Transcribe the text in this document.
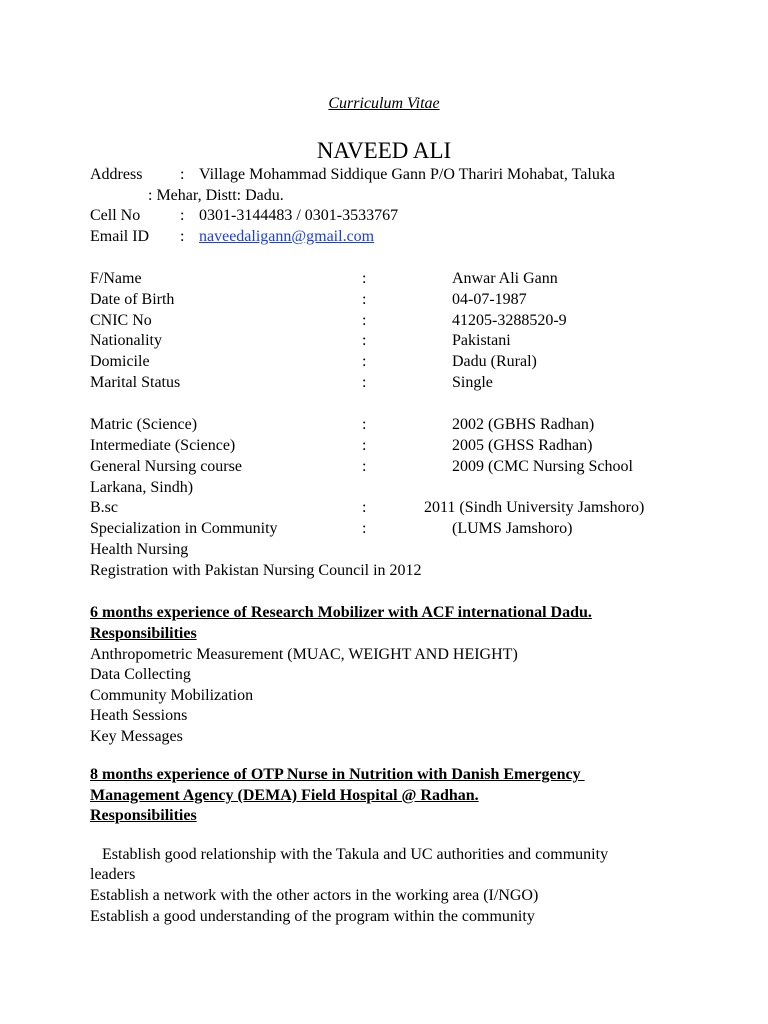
Curriculum Vitae
NAVEED ALI
Address : Village Mohammad Siddique Gann P/O Thariri Mohabat, Taluka
: Mehar, Distt: Dadu.
Cell No : 0301-3144483 / 0301-3533767
Email ID : naveedaligann@gmail.com
F/Name	:	Anwar Ali Gann
Date of Birth	:	04-07-1987
CNIC No	:	41205-3288520-9
Nationality	:	Pakistani
Domicile	:	Dadu (Rural)
Marital Status	:	Single
Matric (Science)	:	2002 (GBHS Radhan)
Intermediate (Science)	:	2005 (GHSS Radhan)
General Nursing course	:	2009 (CMC Nursing School
Larkana, Sindh)
B.sc	:	2011 (Sindh University Jamshoro)
Specialization in Community	:	(LUMS Jamshoro)
Health Nursing
Registration with Pakistan Nursing Council in 2012
6 months experience of Research Mobilizer with ACF international Dadu.
Responsibilities
Anthropometric Measurement (MUAC, WEIGHT AND HEIGHT)
Data Collecting
Community Mobilization
Heath Sessions
Key Messages
8 months experience of OTP Nurse in Nutrition with Danish Emergency
Management Agency (DEMA) Field Hospital @ Radhan.
Responsibilities
Establish good relationship with the Takula and UC authorities and community
leaders
Establish a network with the other actors in the working area (I/NGO)
Establish a good understanding of the program within the community
